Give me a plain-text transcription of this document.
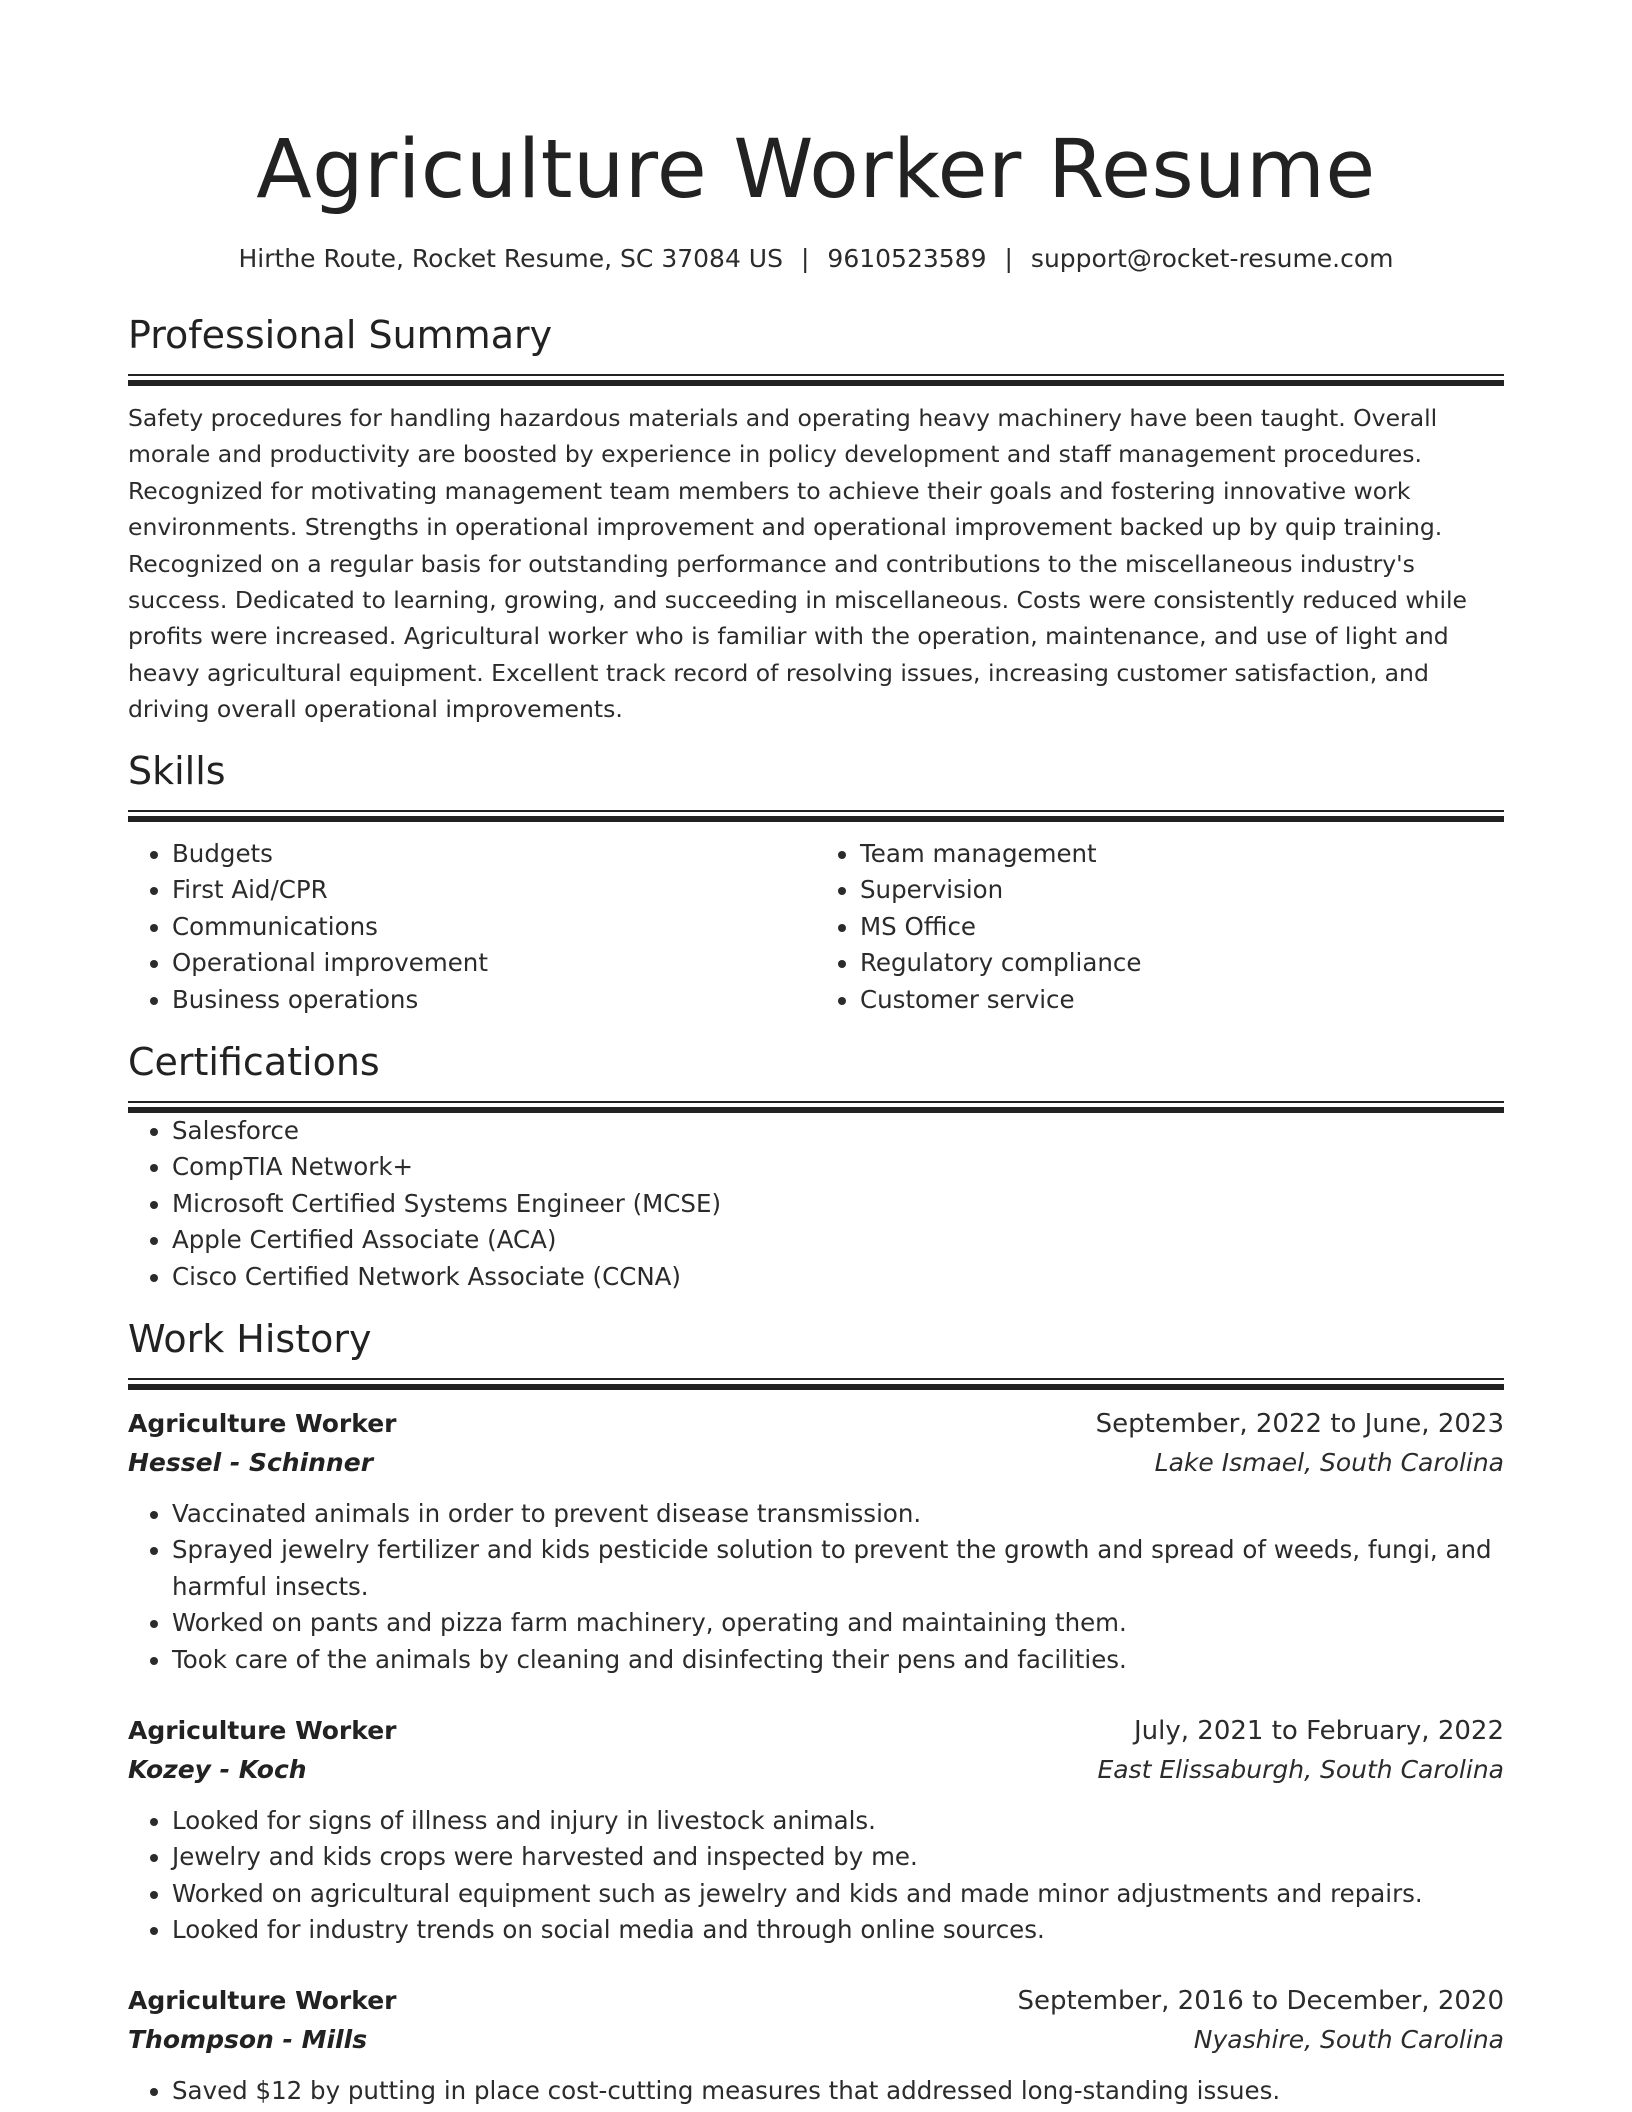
Agriculture Worker Resume
Hirthe Route, Rocket Resume, SC 37084 US | 9610523589 | support@rocket-resume.com
Professional Summary

Safety procedures for handling hazardous materials and operating heavy machinery have been taught. Overall morale and productivity are boosted by experience in policy development and staff management procedures. Recognized for motivating management team members to achieve their goals and fostering innovative work environments. Strengths in operational improvement and operational improvement backed up by quip training. Recognized on a regular basis for outstanding performance and contributions to the miscellaneous industry's success. Dedicated to learning, growing, and succeeding in miscellaneous. Costs were consistently reduced while profits were increased. Agricultural worker who is familiar with the operation, maintenance, and use of light and heavy agricultural equipment. Excellent track record of resolving issues, increasing customer satisfaction, and driving overall operational improvements.

Skills
• Budgets
• First Aid/CPR
• Communications
• Operational improvement
• Business operations
• Team management
• Supervision
• MS Office
• Regulatory compliance
• Customer service
Certifications
• Salesforce
• CompTIA Network+
• Microsoft Certified Systems Engineer (MCSE)
• Apple Certified Associate (ACA)
• Cisco Certified Network Associate (CCNA)
Work History
Agriculture Worker	September, 2022 to June, 2023
Hessel - Schinner	Lake Ismael, South Carolina
• Vaccinated animals in order to prevent disease transmission.
• Sprayed jewelry fertilizer and kids pesticide solution to prevent the growth and spread of weeds, fungi, and harmful insects.
• Worked on pants and pizza farm machinery, operating and maintaining them.
• Took care of the animals by cleaning and disinfecting their pens and facilities.
Agriculture Worker	July, 2021 to February, 2022
Kozey - Koch	East Elissaburgh, South Carolina
• Looked for signs of illness and injury in livestock animals.
• Jewelry and kids crops were harvested and inspected by me.
• Worked on agricultural equipment such as jewelry and kids and made minor adjustments and repairs.
• Looked for industry trends on social media and through online sources.
Agriculture Worker	September, 2016 to December, 2020
Thompson - Mills	Nyashire, South Carolina
• Saved $12 by putting in place cost-cutting measures that addressed long-standing issues.
